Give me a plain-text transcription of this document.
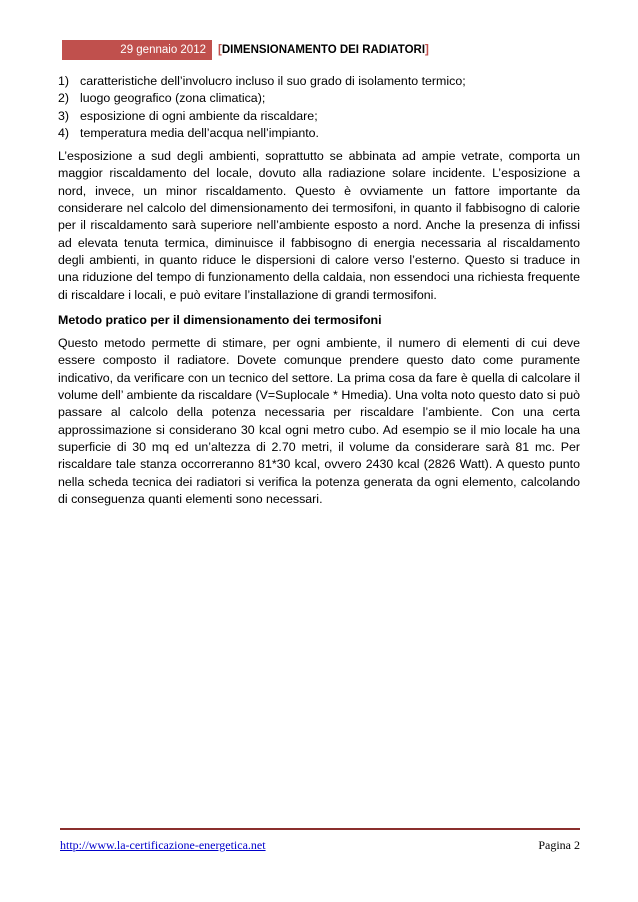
29 gennaio 2012	[ DIMENSIONAMENTO DEI RADIATORI ]
1) caratteristiche dell’involucro incluso il suo grado di isolamento termico;
2) luogo geografico (zona climatica);
3) esposizione di ogni ambiente da riscaldare;
4) temperatura media dell’acqua nell’impianto.

L’esposizione a sud degli ambienti, soprattutto se abbinata ad ampie vetrate, comporta un maggior riscaldamento del locale, dovuto alla radiazione solare incidente. L’esposizione a nord, invece, un minor riscaldamento. Questo è ovviamente un fattore importante da considerare nel calcolo del dimensionamento dei termosifoni, in quanto il fabbisogno di calorie per il riscaldamento sarà superiore nell’ambiente esposto a nord. Anche la presenza di infissi ad elevata tenuta termica, diminuisce il fabbisogno di energia necessaria al riscaldamento degli ambienti, in quanto riduce le dispersioni di calore verso l’esterno. Questo si traduce in una riduzione del tempo di funzionamento della caldaia, non essendoci una richiesta frequente di riscaldare i locali, e può evitare l’installazione di grandi termosifoni.

Metodo pratico per il dimensionamento dei termosifoni

Questo metodo permette di stimare, per ogni ambiente, il numero di elementi di cui deve essere composto il radiatore. Dovete comunque prendere questo dato come puramente indicativo, da verificare con un tecnico del settore. La prima cosa da fare è quella di calcolare il volume dell’ ambiente da riscaldare (V=Suplocale * Hmedia). Una volta noto questo dato si può passare al calcolo della potenza necessaria per riscaldare l’ambiente. Con una certa approssimazione si considerano 30 kcal ogni metro cubo. Ad esempio se il mio locale ha una superficie di 30 mq ed un’altezza di 2.70 metri, il volume da considerare sarà 81 mc. Per riscaldare tale stanza occorreranno 81*30 kcal, ovvero 2430 kcal (2826 Watt). A questo punto nella scheda tecnica dei radiatori si verifica la potenza generata da ogni elemento, calcolando di conseguenza quanti elementi sono necessari.

http://www.la-certificazione-energetica.net	Pagina 2
